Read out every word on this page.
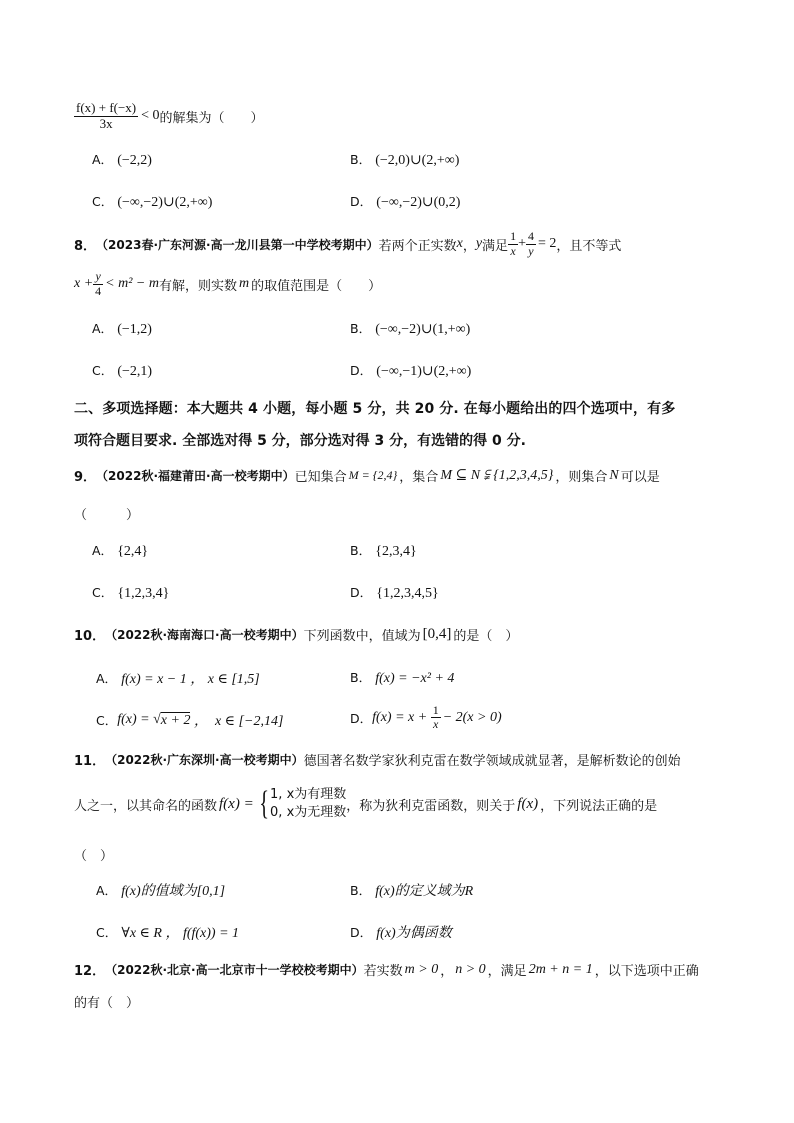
$\frac{f(x) + f(-x)}{3x} < 0$ 的解集为（　　）
A． (−2,2)	B． (−2,0)∪(2,+∞)
C． (−∞,−2)∪(2,+∞)	D． (−∞,−2)∪(0,2)
8． （2023春·广东河源·高一龙川县第一中学校考期中） 若两个正实数 x ， y 满足 $\frac{1}{x} + \frac{4}{y} = 2$ ，且不等式
$x + \frac{y}{4} < m^2 - m$ 有解，则实数 m 的取值范围是（　　）
A． (−1,2)	B． (−∞,−2)∪(1,+∞)
C． (−2,1)	D． (−∞,−1)∪(2,+∞)
二、多项选择题：本大题共 4 小题，每小题 5 分，共 20 分. 在每小题给出的四个选项中，有多
项符合题目要求. 全部选对得 5 分，部分选对得 3 分，有选错的得 0 分.
9． （2022秋·福建莆田·高一校考期中） 已知集合 M = {2,4} ，集合 M ⊆ N ⫋ {1,2,3,4,5} ，则集合 N 可以是
（　　　）
A． {2,4}	B． {2,3,4}
C． {1,2,3,4}	D． {1,2,3,4,5}
10． （2022秋·海南海口·高一校考期中） 下列函数中，值域为 [0,4] 的是（　）
A． f(x) = x − 1 ， x ∈ [1,5]	B． f(x) = −x² + 4
C． f(x) = √ x + 2 ，  x ∈ [−2,14]	D． $f(x) = x + \frac{1}{x} - 2(x > 0)$
11． （2022秋·广东深圳·高一校考期中） 德国著名数学家狄利克雷在数学领域成就显著，是解析数论的创始
人之一，以其命名的函数 f(x) = { 1, x为有理数
0, x为无理数 ，称为狄利克雷函数，则关于 f(x) ，下列说法正确的是
（　）
A． f(x)的值域为[0,1]	B． f(x)的定义域为R
C． ∀x ∈ R ， f(f(x)) = 1	D． f(x)为偶函数
12． （2022秋·北京·高一北京市十一学校校考期中） 若实数 m > 0 ， n > 0 ，满足 2m + n = 1 ，以下选项中正确
的有（　）
